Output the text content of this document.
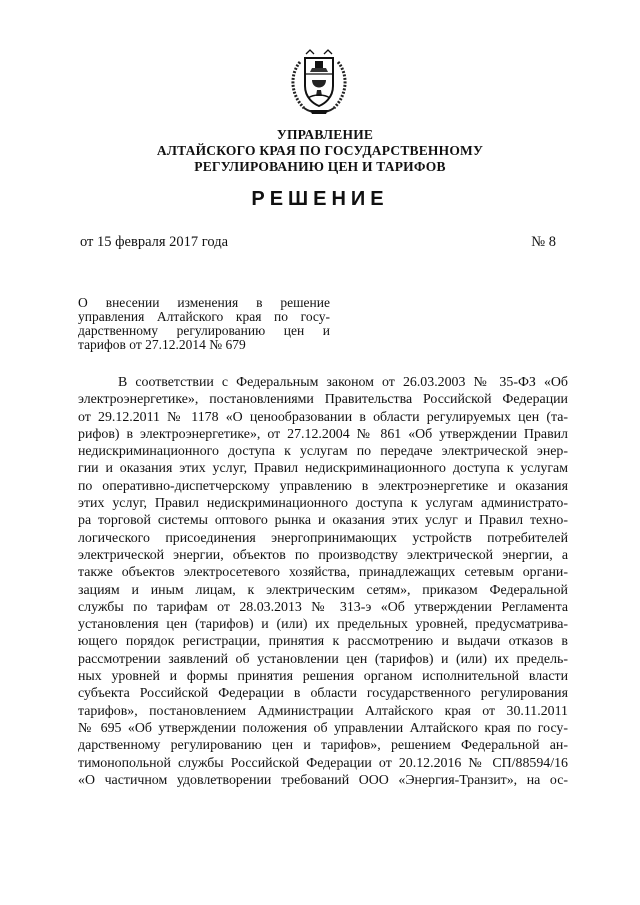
УПРАВЛЕНИЕ
АЛТАЙСКОГО КРАЯ ПО ГОСУДАРСТВЕННОМУ
РЕГУЛИРОВАНИЮ ЦЕН И ТАРИФОВ
РЕШЕНИЕ
от 15 февраля 2017 года	№ 8
О внесении изменения в решение
управления Алтайского края по госу-
дарственному регулированию цен и
тарифов от 27.12.2014 № 679
В соответствии с Федеральным законом от 26.03.2003 № 35-ФЗ «Об
электроэнергетике», постановлениями Правительства Российской Федерации
от 29.12.2011 № 1178 «О ценообразовании в области регулируемых цен (та-
рифов) в электроэнергетике», от 27.12.2004 № 861 «Об утверждении Правил
недискриминационного доступа к услугам по передаче электрической энер-
гии и оказания этих услуг, Правил недискриминационного доступа к услугам
по оперативно-диспетчерскому управлению в электроэнергетике и оказания
этих услуг, Правил недискриминационного доступа к услугам администрато-
ра торговой системы оптового рынка и оказания этих услуг и Правил техно-
логического присоединения энергопринимающих устройств потребителей
электрической энергии, объектов по производству электрической энергии, а
также объектов электросетевого хозяйства, принадлежащих сетевым органи-
зациям и иным лицам, к электрическим сетям», приказом Федеральной
службы по тарифам от 28.03.2013 № 313-э «Об утверждении Регламента
установления цен (тарифов) и (или) их предельных уровней, предусматрива-
ющего порядок регистрации, принятия к рассмотрению и выдачи отказов в
рассмотрении заявлений об установлении цен (тарифов) и (или) их предель-
ных уровней и формы принятия решения органом исполнительной власти
субъекта Российской Федерации в области государственного регулирования
тарифов», постановлением Администрации Алтайского края от 30.11.2011
№ 695 «Об утверждении положения об управлении Алтайского края по госу-
дарственному регулированию цен и тарифов», решением Федеральной ан-
тимонопольной службы Российской Федерации от 20.12.2016 № СП/88594/16
«О частичном удовлетворении требований ООО «Энергия-Транзит», на ос-
